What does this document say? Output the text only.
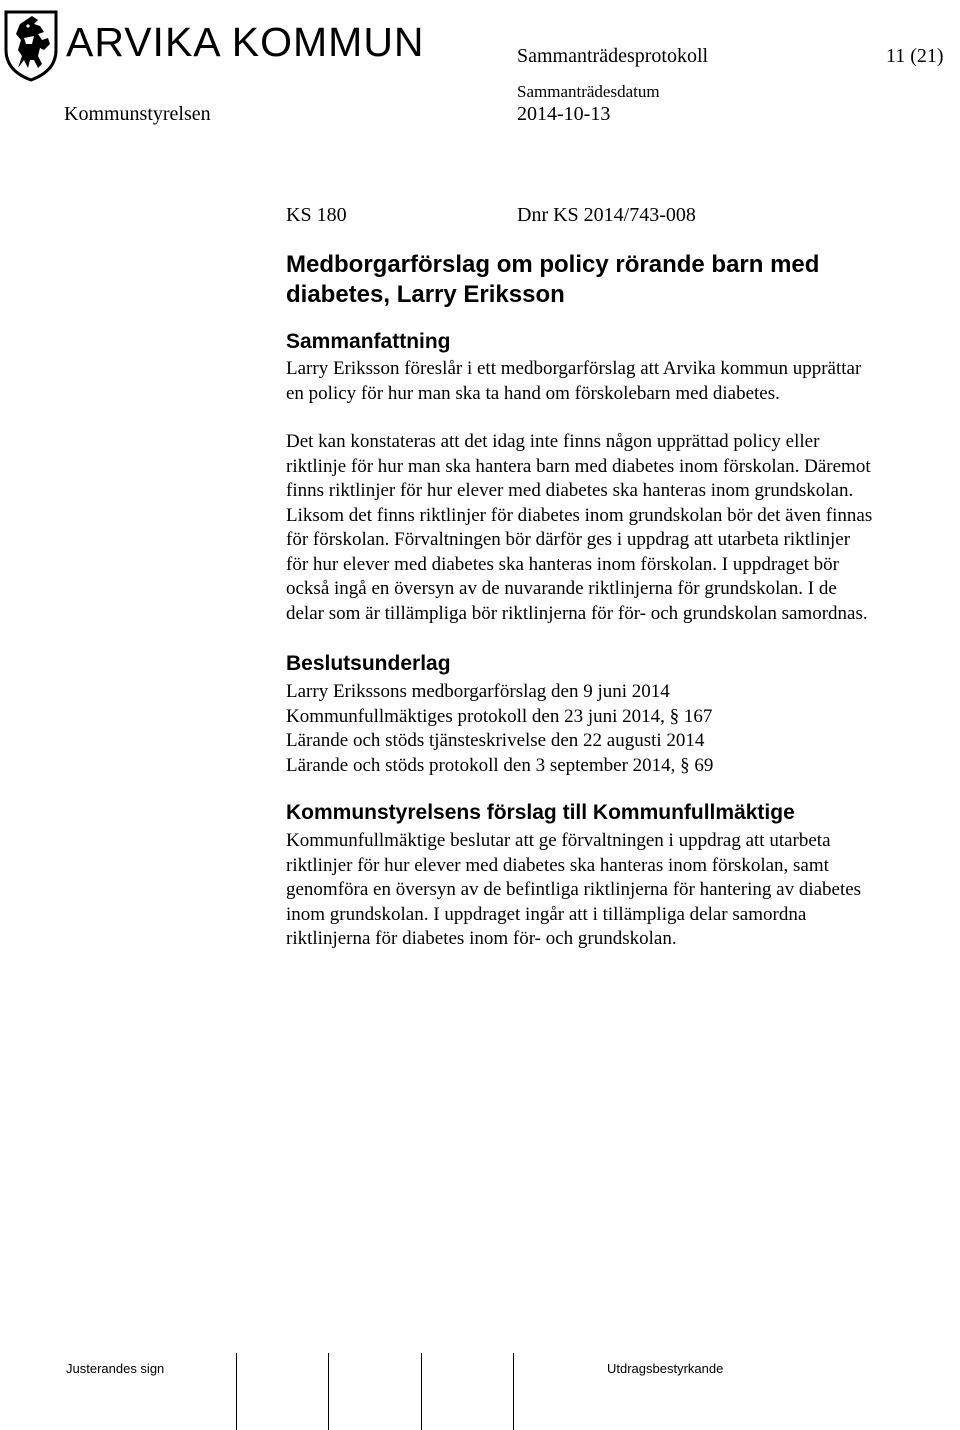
ARVIKA KOMMUN	Sammanträdesprotokoll	11 (21)
Sammanträdesdatum
Kommunstyrelsen	2014-10-13
KS 180	Dnr KS 2014/743-008
Medborgarförslag om policy rörande barn med
diabetes, Larry Eriksson
Sammanfattning

Larry Eriksson föreslår i ett medborgarförslag att Arvika kommun upprättar
en policy för hur man ska ta hand om förskolebarn med diabetes.

Det kan konstateras att det idag inte finns någon upprättad policy eller
riktlinje för hur man ska hantera barn med diabetes inom förskolan. Däremot
finns riktlinjer för hur elever med diabetes ska hanteras inom grundskolan.
Liksom det finns riktlinjer för diabetes inom grundskolan bör det även finnas
för förskolan. Förvaltningen bör därför ges i uppdrag att utarbeta riktlinjer
för hur elever med diabetes ska hanteras inom förskolan. I uppdraget bör
också ingå en översyn av de nuvarande riktlinjerna för grundskolan. I de
delar som är tillämpliga bör riktlinjerna för för- och grundskolan samordnas.

Beslutsunderlag

Larry Erikssons medborgarförslag den 9 juni 2014
Kommunfullmäktiges protokoll den 23 juni 2014, § 167
Lärande och stöds tjänsteskrivelse den 22 augusti 2014
Lärande och stöds protokoll den 3 september 2014, § 69

Kommunstyrelsens förslag till Kommunfullmäktige

Kommunfullmäktige beslutar att ge förvaltningen i uppdrag att utarbeta
riktlinjer för hur elever med diabetes ska hanteras inom förskolan, samt
genomföra en översyn av de befintliga riktlinjerna för hantering av diabetes
inom grundskolan. I uppdraget ingår att i tillämpliga delar samordna
riktlinjerna för diabetes inom för- och grundskolan.

Justerandes sign	Utdragsbestyrkande
